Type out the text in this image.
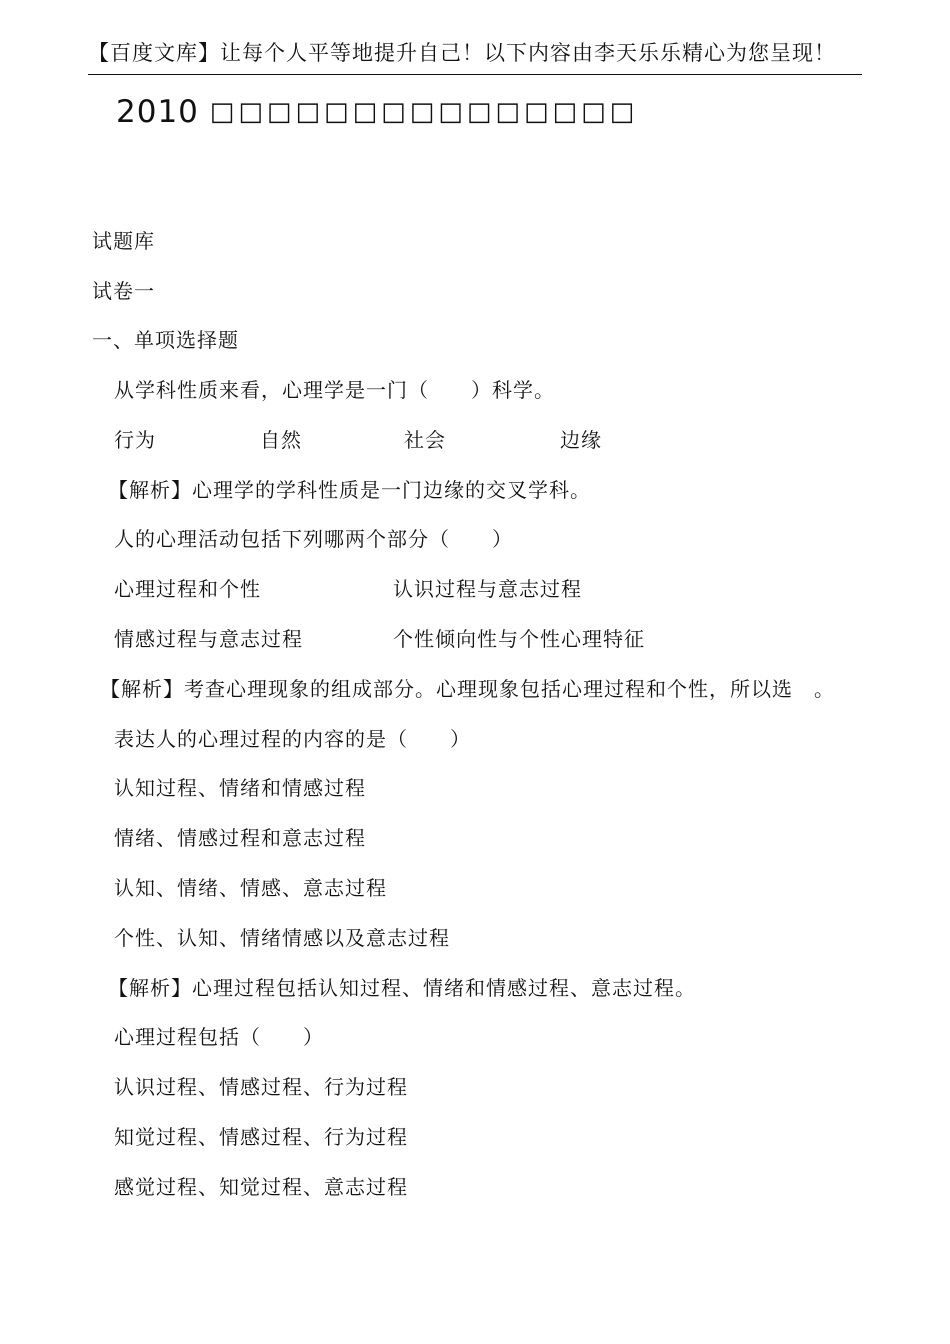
【百度文库】让每个人平等地提升自己！以下内容由李天乐乐精心为您呈现！
2010 □□□□□□□□□□□□□□□
试题库
试卷一
一、单项选择题
从学科性质来看，心理学是一门（　　）科学。
行为	自然	社会	边缘
【解析】心理学的学科性质是一门边缘的交叉学科。
人的心理活动包括下列哪两个部分（　　）
心理过程和个性	认识过程与意志过程
情感过程与意志过程	个性倾向性与个性心理特征
【解析】考查心理现象的组成部分。心理现象包括心理过程和个性，所以选　。
表达人的心理过程的内容的是（　　）
认知过程、情绪和情感过程
情绪、情感过程和意志过程
认知、情绪、情感、意志过程
个性、认知、情绪情感以及意志过程
【解析】心理过程包括认知过程、情绪和情感过程、意志过程。
心理过程包括（　　）
认识过程、情感过程、行为过程
知觉过程、情感过程、行为过程
感觉过程、知觉过程、意志过程
